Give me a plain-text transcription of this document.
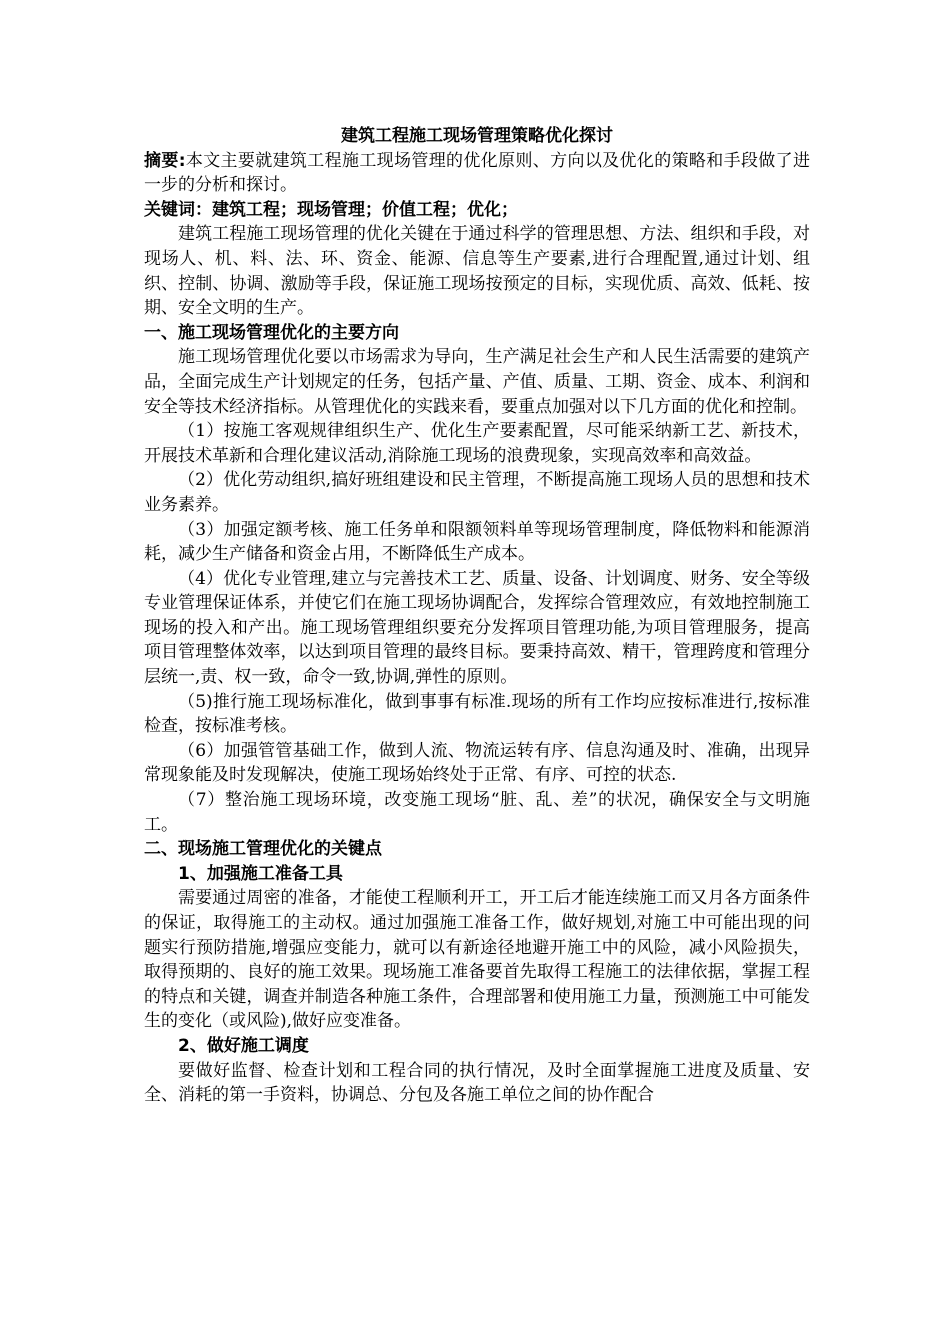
建筑工程施工现场管理策略优化探讨

摘要:本文主要就建筑工程施工现场管理的优化原则、方向以及优化的策略和手段做了进一步的分析和探讨。

关键词：建筑工程；现场管理；价值工程；优化；

建筑工程施工现场管理的优化关键在于通过科学的管理思想、方法、组织和手段，对现场人、机、料、法、环、资金、能源、信息等生产要素,进行合理配置,通过计划、组织、控制、协调、激励等手段，保证施工现场按预定的目标，实现优质、高效、低耗、按期、安全文明的生产。

一、施工现场管理优化的主要方向

施工现场管理优化要以市场需求为导向，生产满足社会生产和人民生活需要的建筑产品，全面完成生产计划规定的任务，包括产量、产值、质量、工期、资金、成本、利润和安全等技术经济指标。从管理优化的实践来看，要重点加强对以下几方面的优化和控制。

（1）按施工客观规律组织生产、优化生产要素配置，尽可能采纳新工艺、新技术，开展技术革新和合理化建议活动,消除施工现场的浪费现象，实现高效率和高效益。

（2）优化劳动组织,搞好班组建设和民主管理，不断提高施工现场人员的思想和技术业务素养。

（3）加强定额考核、施工任务单和限额领料单等现场管理制度，降低物料和能源消耗，减少生产储备和资金占用，不断降低生产成本。

（4）优化专业管理,建立与完善技术工艺、质量、设备、计划调度、财务、安全等级专业管理保证体系，并使它们在施工现场协调配合，发挥综合管理效应，有效地控制施工现场的投入和产出。施工现场管理组织要充分发挥项目管理功能,为项目管理服务，提高项目管理整体效率，以达到项目管理的最终目标。要秉持高效、精干，管理跨度和管理分层统一,责、权一致，命令一致,协调,弹性的原则。

（5)推行施工现场标准化，做到事事有标准.现场的所有工作均应按标准进行,按标准检查，按标准考核。

（6）加强管管基础工作，做到人流、物流运转有序、信息沟通及时、准确，出现异常现象能及时发现解决，使施工现场始终处于正常、有序、可控的状态.

（7）整治施工现场环境，改变施工现场“脏、乱、差”的状况，确保安全与文明施工。

二、现场施工管理优化的关键点

1、加强施工准备工具

需要通过周密的准备，才能使工程顺利开工，开工后才能连续施工而又月各方面条件的保证，取得施工的主动权。通过加强施工准备工作，做好规划,对施工中可能出现的问题实行预防措施,增强应变能力，就可以有新途径地避开施工中的风险，减小风险损失，取得预期的、良好的施工效果。现场施工准备要首先取得工程施工的法律依据，掌握工程的特点和关键，调查并制造各种施工条件，合理部署和使用施工力量，预测施工中可能发生的变化（或风险),做好应变准备。

2、做好施工调度

要做好监督、检查计划和工程合同的执行情况，及时全面掌握施工进度及质量、安全、消耗的第一手资料，协调总、分包及各施工单位之间的协作配合
